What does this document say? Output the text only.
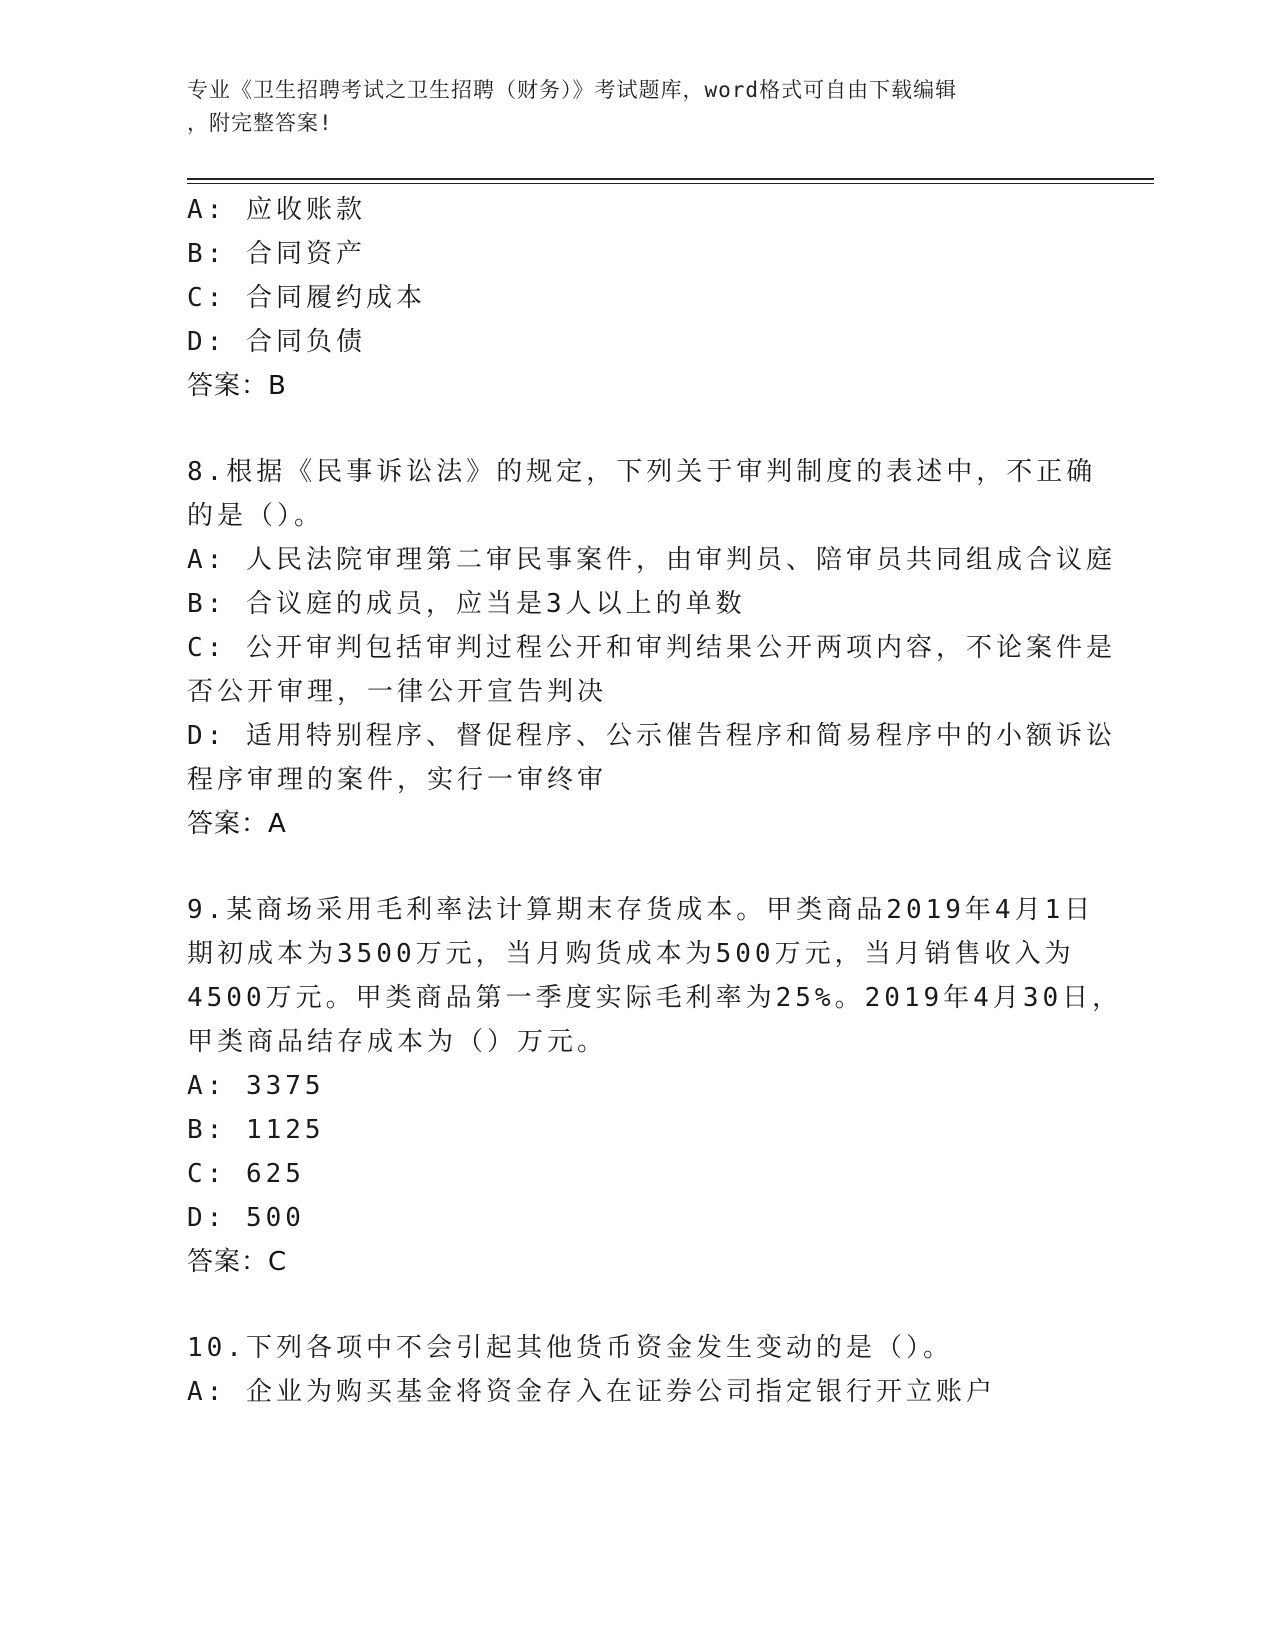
专业《卫生招聘考试之卫生招聘（财务）》考试题库，word格式可自由下载编辑
，附完整答案!
A: 应收账款
B: 合同资产
C: 合同履约成本
D: 合同负债
答案：B
8.根据《民事诉讼法》的规定，下列关于审判制度的表述中，不正确
的是（）。
A: 人民法院审理第二审民事案件，由审判员、陪审员共同组成合议庭
B: 合议庭的成员，应当是3人以上的单数
C: 公开审判包括审判过程公开和审判结果公开两项内容，不论案件是
否公开审理，一律公开宣告判决
D: 适用特别程序、督促程序、公示催告程序和简易程序中的小额诉讼
程序审理的案件，实行一审终审
答案：A
9.某商场采用毛利率法计算期末存货成本。甲类商品2019年4月1日
期初成本为3500万元，当月购货成本为500万元，当月销售收入为
4500万元。甲类商品第一季度实际毛利率为25%。2019年4月30日，
甲类商品结存成本为（）万元。
A: 3375
B: 1125
C: 625
D: 500
答案：C
10.下列各项中不会引起其他货币资金发生变动的是（）。
A: 企业为购买基金将资金存入在证券公司指定银行开立账户
